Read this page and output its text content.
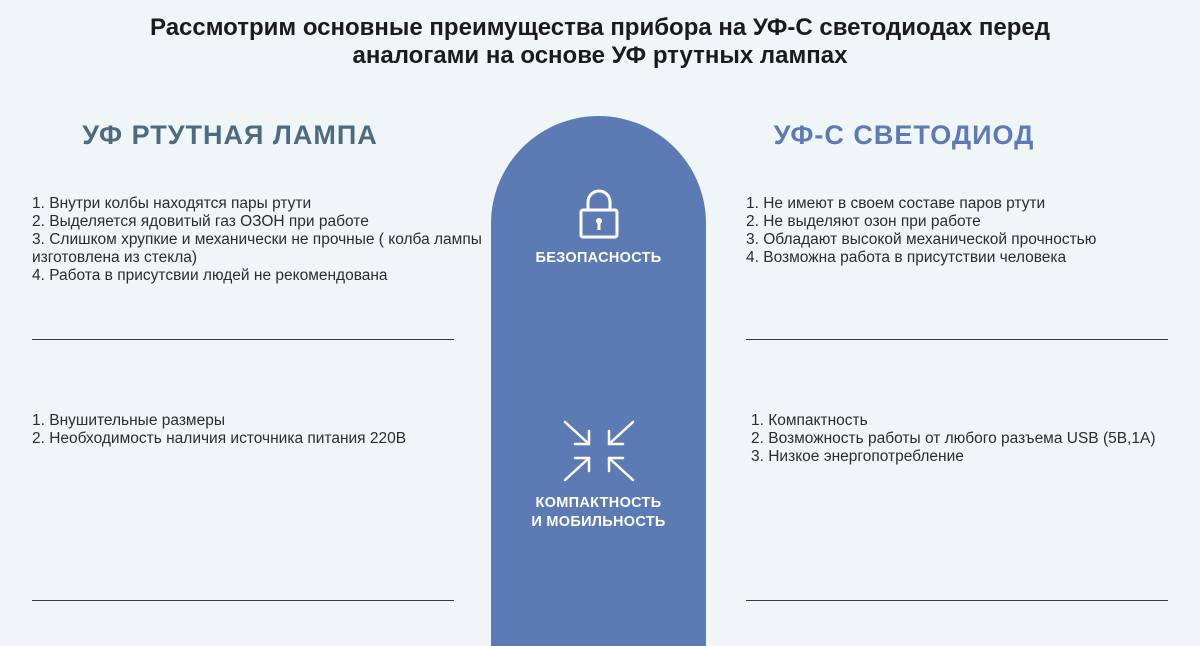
Рассмотрим основные преимущества прибора на УФ-С светодиодах перед
аналогами на основе УФ ртутных лампах
УФ РТУТНАЯ ЛАМПА	УФ-С СВЕТОДИОД
БЕЗОПАСНОСТЬ
КОМПАКТНОСТЬ
И МОБИЛЬНОСТЬ
1. Внутри колбы находятся пары ртути
2. Выделяется ядовитый газ ОЗОН при работе
3. Слишком хрупкие и механически не прочные ( колба лампы изготовлена из стекла)
4. Работа в присутсвии людей не рекомендована
1. Внушительные размеры
2. Необходимость наличия источника питания 220В
1. Не имеют в своем составе паров ртути
2. Не выделяют озон при работе
3. Обладают высокой механической прочностью
4. Возможна работа в присутствии человека
1. Компактность
2. Возможность работы от любого разъема USB (5В,1А)
3. Низкое энергопотребление
